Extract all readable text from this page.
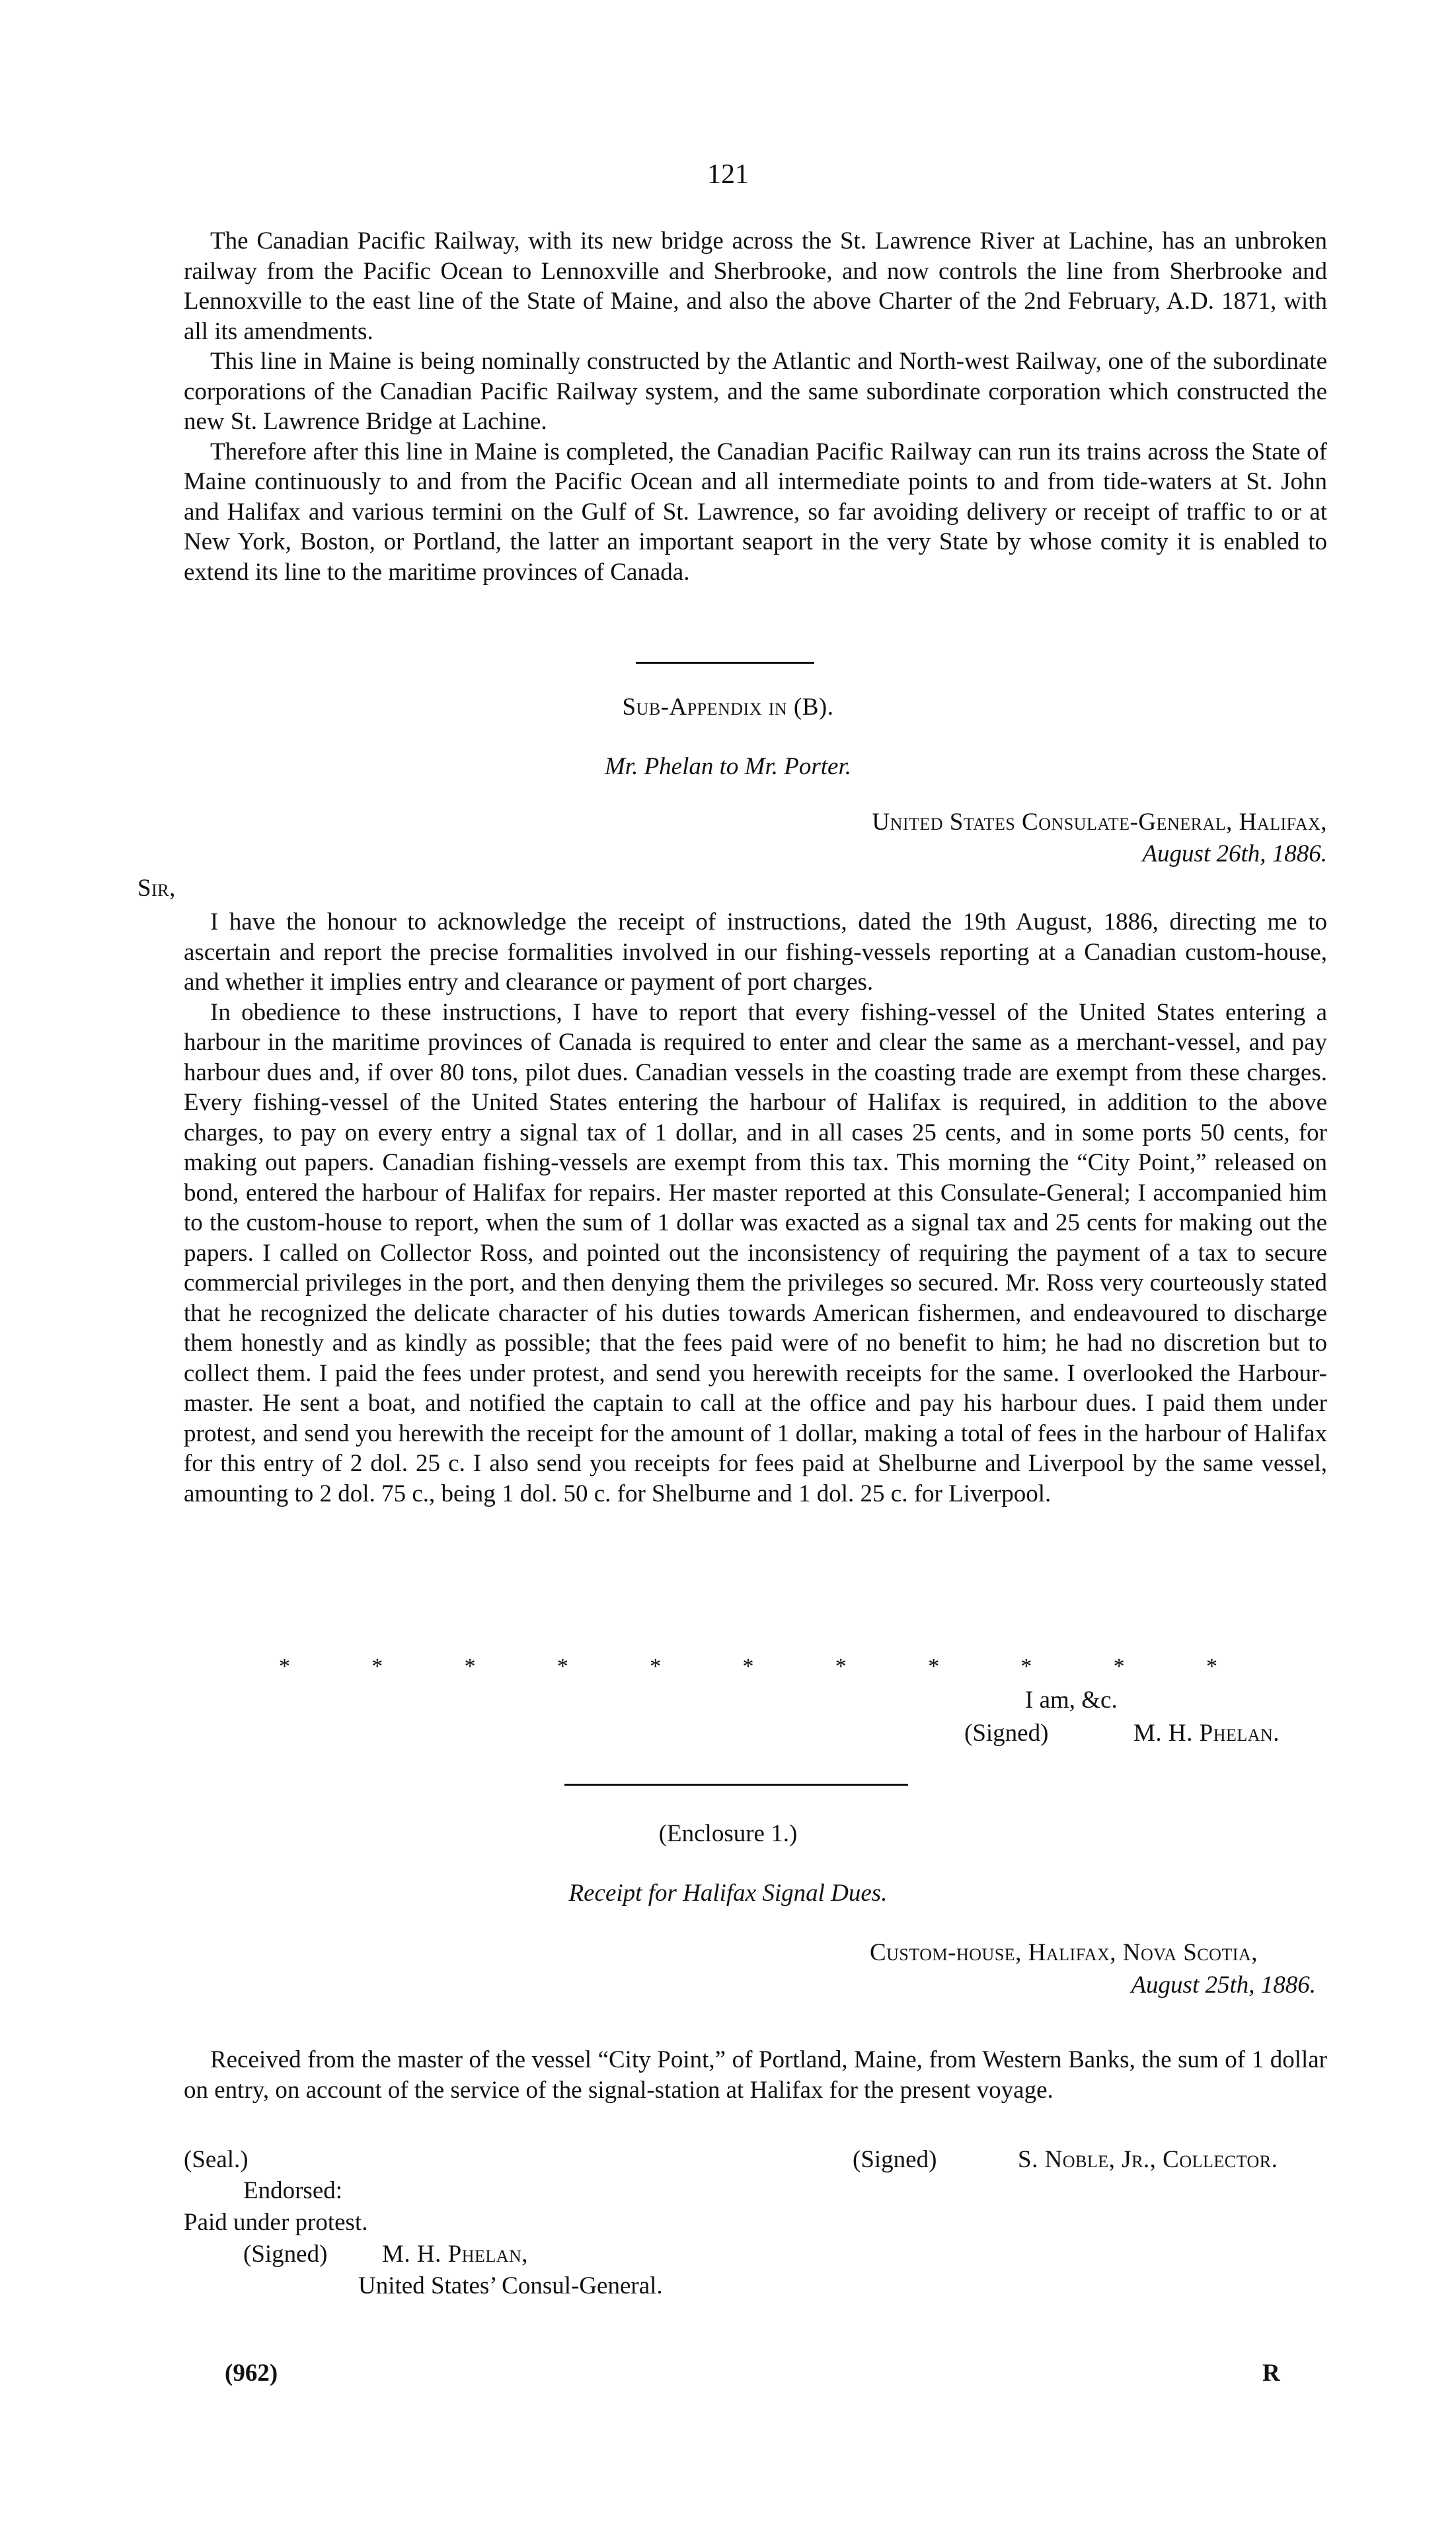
121

The Canadian Pacific Railway, with its new bridge across the St. Lawrence River at Lachine, has an unbroken railway from the Pacific Ocean to Lennoxville and Sherbrooke, and now controls the line from Sherbrooke and Lennoxville to the east line of the State of Maine, and also the above Charter of the 2nd February, A.D. 1871, with all its amendments.

This line in Maine is being nominally constructed by the Atlantic and North-west Railway, one of the subordinate corporations of the Canadian Pacific Railway system, and the same subordinate corporation which constructed the new St. Lawrence Bridge at Lachine.

Therefore after this line in Maine is completed, the Canadian Pacific Railway can run its trains across the State of Maine continuously to and from the Pacific Ocean and all intermediate points to and from tide-waters at St. John and Halifax and various termini on the Gulf of St. Lawrence, so far avoiding delivery or receipt of traffic to or at New York, Boston, or Portland, the latter an important seaport in the very State by whose comity it is enabled to extend its line to the maritime provinces of Canada.

Sub-Appendix in (B).
Mr. Phelan to Mr. Porter.
United States Consulate-General, Halifax,
August 26th, 1886.
Sir,

I have the honour to acknowledge the receipt of instructions, dated the 19th August, 1886, directing me to ascertain and report the precise formalities involved in our fishing-vessels reporting at a Canadian custom-house, and whether it implies entry and clearance or payment of port charges.

In obedience to these instructions, I have to report that every fishing-vessel of the United States entering a harbour in the maritime provinces of Canada is required to enter and clear the same as a merchant-vessel, and pay harbour dues and, if over 80 tons, pilot dues. Canadian vessels in the coasting trade are exempt from these charges. Every fishing-vessel of the United States entering the harbour of Halifax is required, in addition to the above charges, to pay on every entry a signal tax of 1 dollar, and in all cases 25 cents, and in some ports 50 cents, for making out papers. Canadian fishing-vessels are exempt from this tax. This morning the “City Point,” released on bond, entered the harbour of Halifax for repairs. Her master reported at this Consulate-General; I accompanied him to the custom-house to report, when the sum of 1 dollar was exacted as a signal tax and 25 cents for making out the papers. I called on Collector Ross, and pointed out the inconsistency of requiring the payment of a tax to secure commercial privileges in the port, and then denying them the privileges so secured. Mr. Ross very courteously stated that he recognized the delicate character of his duties towards American fishermen, and endeavoured to discharge them honestly and as kindly as possible; that the fees paid were of no benefit to him; he had no discretion but to collect them. I paid the fees under protest, and send you herewith receipts for the same. I overlooked the Harbour-master. He sent a boat, and notified the captain to call at the office and pay his harbour dues. I paid them under protest, and send you herewith the receipt for the amount of 1 dollar, making a total of fees in the harbour of Halifax for this entry of 2 dol. 25 c. I also send you receipts for fees paid at Shelburne and Liverpool by the same vessel, amounting to 2 dol. 75 c., being 1 dol. 50 c. for Shelburne and 1 dol. 25 c. for Liverpool.

*	*	*	*	*	*	*	*	*	*	*
I am, &c.
(Signed)	M. H. Phelan.
(Enclosure 1.)
Receipt for Halifax Signal Dues.
Custom-house, Halifax, Nova Scotia,
August 25th, 1886.

Received from the master of the vessel “City Point,” of Portland, Maine, from Western Banks, the sum of 1 dollar on entry, on account of the service of the signal-station at Halifax for the present voyage.

(Seal.)	(Signed)	S. Noble, Jr., Collector.
Endorsed:
Paid under protest.
(Signed) M. H. Phelan,
United States’ Consul-General.
(962)	R
